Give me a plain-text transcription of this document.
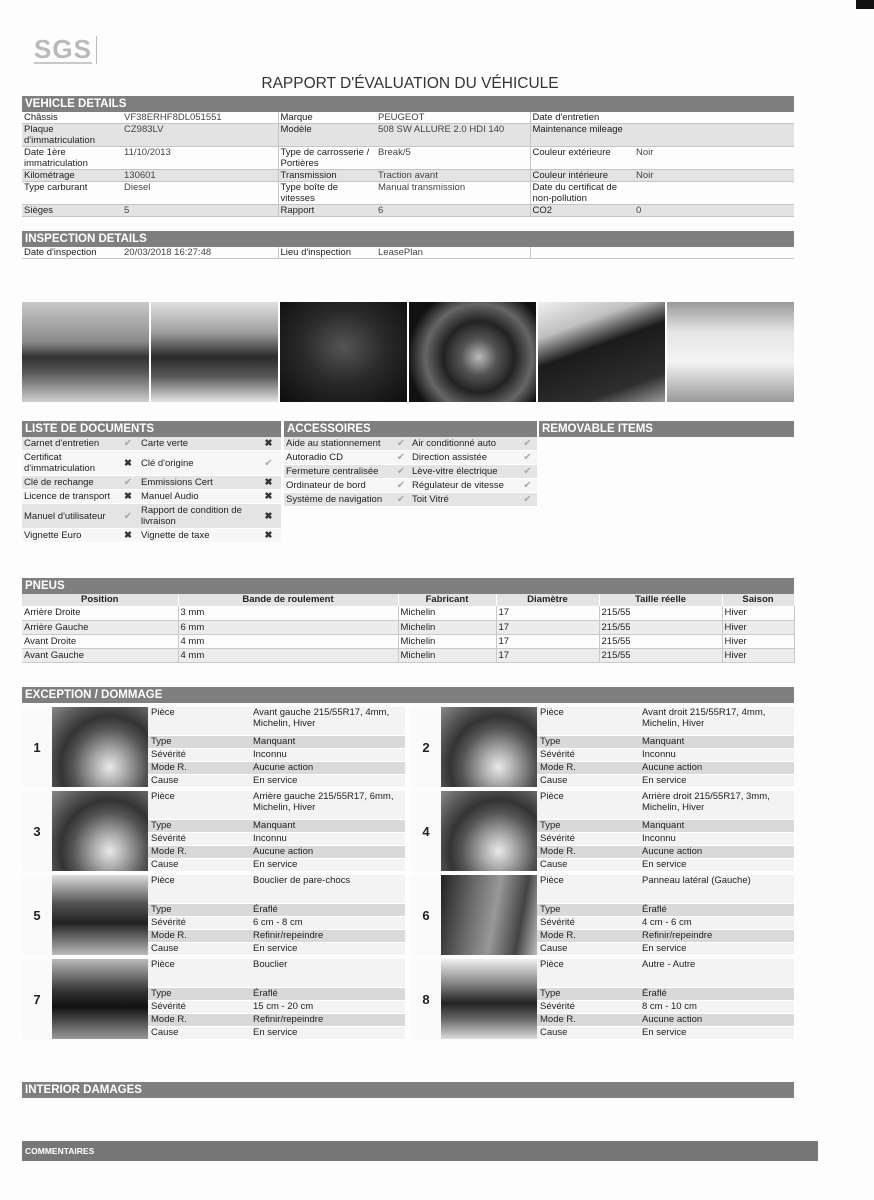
SGS
RAPPORT D'ÉVALUATION DU VÉHICULE
VEHICLE DETAILS
Châssis	VF38ERHF8DL051551	Marque	PEUGEOT	Date d'entretien	
Plaque d'immatriculation	CZ983LV	Modèle	508 SW ALLURE 2.0 HDI 140	Maintenance mileage	
Date 1ère immatriculation	11/10/2013	Type de carrosserie / Portières	Break/5	Couleur extérieure	Noir
Kilométrage	130601	Transmission	Traction avant	Couleur intérieure	Noir
Type carburant	Diesel	Type boîte de vitesses	Manual transmission	Date du certificat de non-pollution	
Sièges	5	Rapport	6	CO2	0
INSPECTION DETAILS
Date d'inspection	20/03/2018 16:27:48	Lieu d'inspection	LeasePlan	
LISTE DE DOCUMENTS
Carnet d'entretien	✔	Carte verte	✖
Certificat d'immatriculation	✖	Clé d'origine	✔
Clé de rechange	✔	Emmissions Cert	✖
Licence de transport	✖	Manuel Audio	✖
Manuel d'utilisateur	✔	Rapport de condition de livraison	✖
Vignette Euro	✖	Vignette de taxe	✖
ACCESSOIRES
Aide au stationnement	✔	Air conditionné auto	✔
Autoradio CD	✔	Direction assistée	✔
Fermeture centralisée	✔	Lève-vitre électrique	✔
Ordinateur de bord	✔	Régulateur de vitesse	✔
Système de navigation	✔	Toit Vitré	✔
REMOVABLE ITEMS
PNEUS
Position	Bande de roulement	Fabricant	Diamètre	Taille réelle	Saison
Arrière Droite	3 mm	Michelin	17	215/55	Hiver
Arrière Gauche	6 mm	Michelin	17	215/55	Hiver
Avant Droite	4 mm	Michelin	17	215/55	Hiver
Avant Gauche	4 mm	Michelin	17	215/55	Hiver
EXCEPTION / DOMMAGE
1
Pièce	Avant gauche 215/55R17, 4mm, Michelin, Hiver
Type	Manquant
Sévérité	Inconnu
Mode R.	Aucune action
Cause	En service
2
Pièce	Avant droit 215/55R17, 4mm, Michelin, Hiver
Type	Manquant
Sévérité	Inconnu
Mode R.	Aucune action
Cause	En service
3
Pièce	Arrière gauche 215/55R17, 6mm, Michelin, Hiver
Type	Manquant
Sévérité	Inconnu
Mode R.	Aucune action
Cause	En service
4
Pièce	Arrière droit 215/55R17, 3mm, Michelin, Hiver
Type	Manquant
Sévérité	Inconnu
Mode R.	Aucune action
Cause	En service
5
Pièce	Bouclier de pare-chocs
Type	Éraflé
Sévérité	6 cm - 8 cm
Mode R.	Refinir/repeindre
Cause	En service
6
Pièce	Panneau latéral (Gauche)
Type	Éraflé
Sévérité	4 cm - 6 cm
Mode R.	Refinir/repeindre
Cause	En service
7
Pièce	Bouclier
Type	Éraflé
Sévérité	15 cm - 20 cm
Mode R.	Refinir/repeindre
Cause	En service
8
Pièce	Autre - Autre
Type	Éraflé
Sévérité	8 cm - 10 cm
Mode R.	Aucune action
Cause	En service
INTERIOR DAMAGES
COMMENTAIRES
